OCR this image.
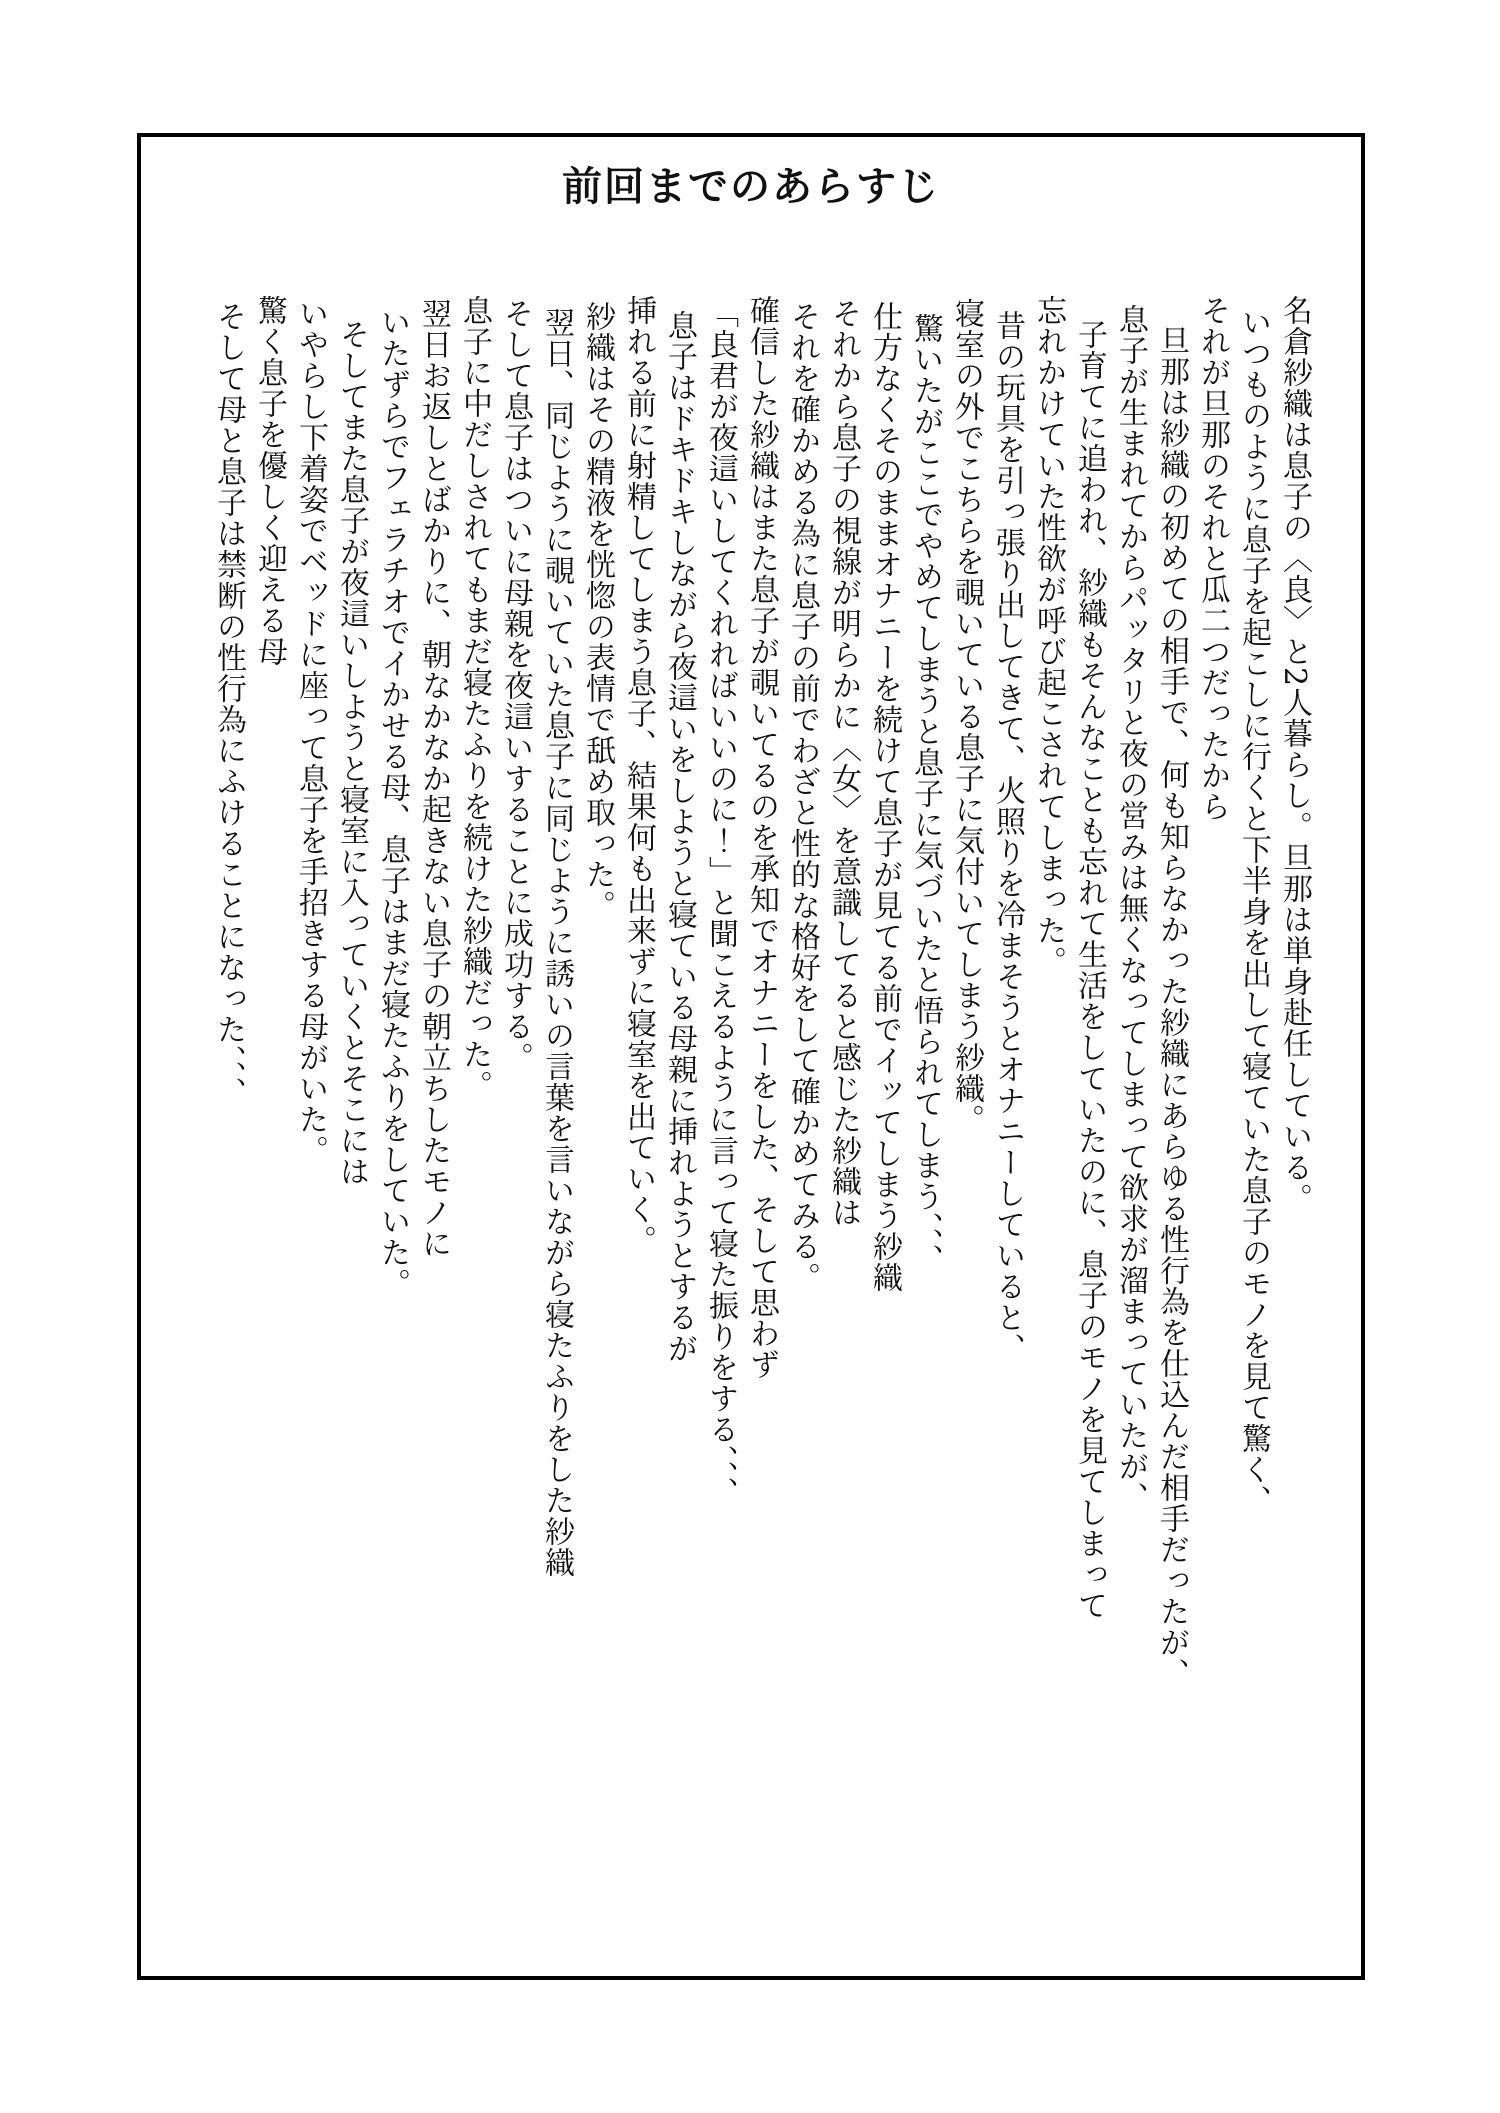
前回までのあらすじ

名倉紗織は息子の〈良〉と2人暮らし。旦那は単身赴任している。

いつものように息子を起こしに行くと下半身を出して寝ていた息子のモノを見て驚く、

それが旦那のそれと瓜二つだったから

旦那は紗織の初めての相手で、何も知らなかった紗織にあらゆる性行為を仕込んだ相手だったが、

息子が生まれてからパッタリと夜の営みは無くなってしまって欲求が溜まっていたが、

子育てに追われ、紗織もそんなことも忘れて生活をしていたのに、息子のモノを見てしまって

忘れかけていた性欲が呼び起こされてしまった。

昔の玩具を引っ張り出してきて、火照りを冷まそうとオナニーしていると、

寝室の外でこちらを覗いている息子に気付いてしまう紗織。

驚いたがここでやめてしまうと息子に気づいたと悟られてしまう、、、

仕方なくそのままオナニーを続けて息子が見てる前でイッてしまう紗織

それから息子の視線が明らかに〈女〉を意識してると感じた紗織は

それを確かめる為に息子の前でわざと性的な格好をして確かめてみる。

確信した紗織はまた息子が覗いてるのを承知でオナニーをした、そして思わず

「良君が夜這いしてくれればいいのに！」と聞こえるように言って寝た振りをする、、、

息子はドキドキしながら夜這いをしようと寝ている母親に挿れようとするが

挿れる前に射精してしまう息子、結果何も出来ずに寝室を出ていく。

紗織はその精液を恍惚の表情で舐め取った。

翌日、同じように覗いていた息子に同じように誘いの言葉を言いながら寝たふりをした紗織

そして息子はついに母親を夜這いすることに成功する。

息子に中だしされてもまだ寝たふりを続けた紗織だった。

翌日お返しとばかりに、朝なかなか起きない息子の朝立ちしたモノに

いたずらでフェラチオでイかせる母、息子はまだ寝たふりをしていた。

そしてまた息子が夜這いしようと寝室に入っていくとそこには

いやらし下着姿でベッドに座って息子を手招きする母がいた。

驚く息子を優しく迎える母

そして母と息子は禁断の性行為にふけることになった、、、
